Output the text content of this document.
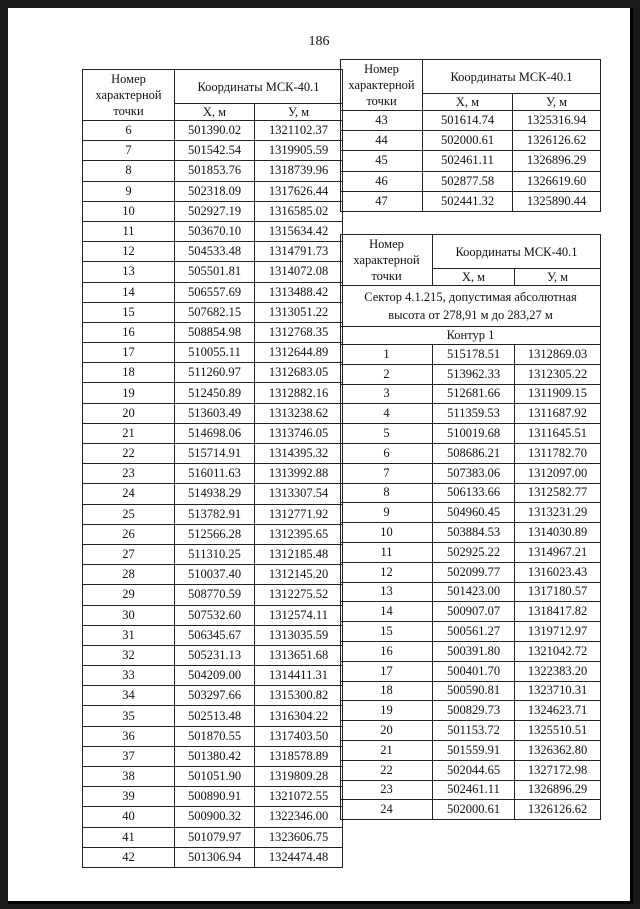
186
Номер характерной точки	Координаты МСК-40.1	
	X, м	У, м
6	501390.02	1321102.37
7	501542.54	1319905.59
8	501853.76	1318739.96
9	502318.09	1317626.44
10	502927.19	1316585.02
11	503670.10	1315634.42
12	504533.48	1314791.73
13	505501.81	1314072.08
14	506557.69	1313488.42
15	507682.15	1313051.22
16	508854.98	1312768.35
17	510055.11	1312644.89
18	511260.97	1312683.05
19	512450.89	1312882.16
20	513603.49	1313238.62
21	514698.06	1313746.05
22	515714.91	1314395.32
23	516011.63	1313992.88
24	514938.29	1313307.54
25	513782.91	1312771.92
26	512566.28	1312395.65
27	511310.25	1312185.48
28	510037.40	1312145.20
29	508770.59	1312275.52
30	507532.60	1312574.11
31	506345.67	1313035.59
32	505231.13	1313651.68
33	504209.00	1314411.31
34	503297.66	1315300.82
35	502513.48	1316304.22
36	501870.55	1317403.50
37	501380.42	1318578.89
38	501051.90	1319809.28
39	500890.91	1321072.55
40	500900.32	1322346.00
41	501079.97	1323606.75
42	501306.94	1324474.48
Номер характерной точки	Координаты МСК-40.1	
	X, м	У, м
43	501614.74	1325316.94
44	502000.61	1326126.62
45	502461.11	1326896.29
46	502877.58	1326619.60
47	502441.32	1325890.44
Номер характерной точки	Координаты МСК-40.1	
	X, м	У, м
Сектор 4.1.215, допустимая абсолютная высота от 278,91 м до 283,27 м		
Контур 1		
1	515178.51	1312869.03
2	513962.33	1312305.22
3	512681.66	1311909.15
4	511359.53	1311687.92
5	510019.68	1311645.51
6	508686.21	1311782.70
7	507383.06	1312097.00
8	506133.66	1312582.77
9	504960.45	1313231.29
10	503884.53	1314030.89
11	502925.22	1314967.21
12	502099.77	1316023.43
13	501423.00	1317180.57
14	500907.07	1318417.82
15	500561.27	1319712.97
16	500391.80	1321042.72
17	500401.70	1322383.20
18	500590.81	1323710.31
19	500829.73	1324623.71
20	501153.72	1325510.51
21	501559.91	1326362.80
22	502044.65	1327172.98
23	502461.11	1326896.29
24	502000.61	1326126.62
